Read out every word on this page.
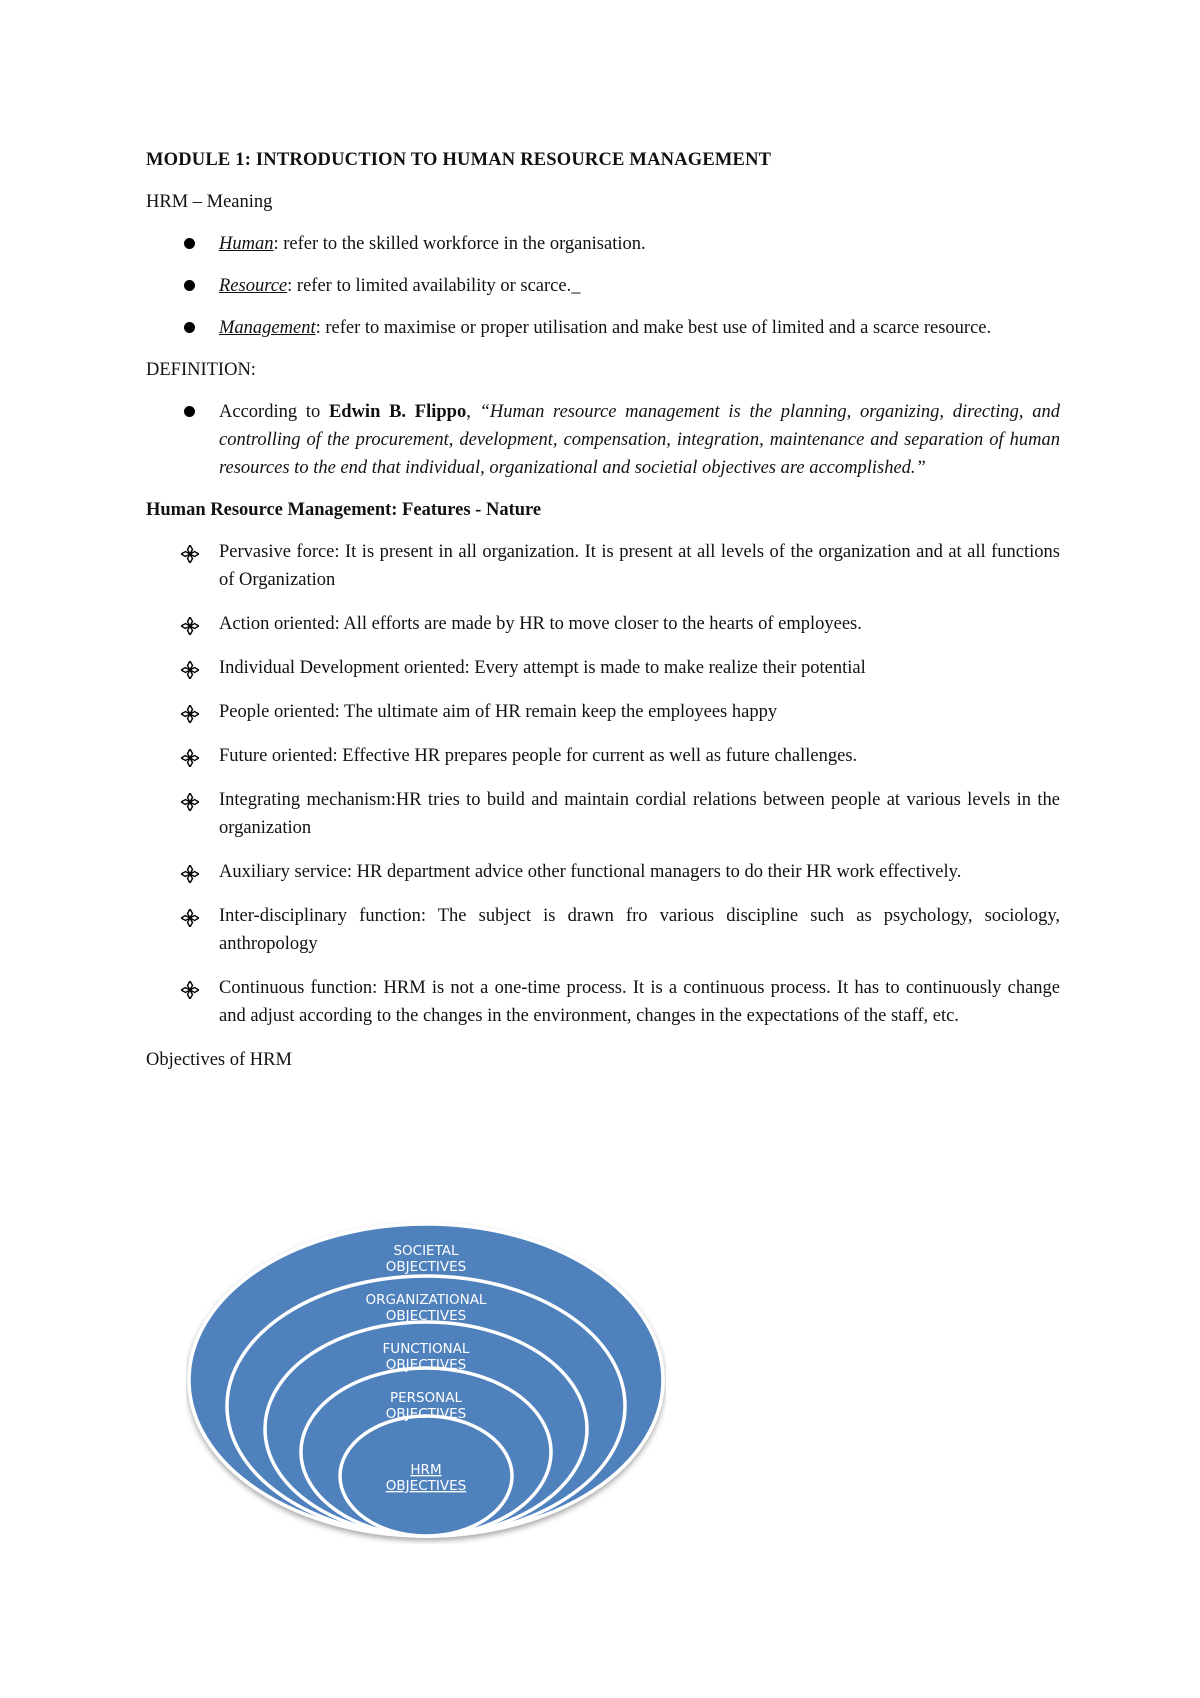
MODULE 1: INTRODUCTION TO HUMAN RESOURCE MANAGEMENT

HRM – Meaning

Human: refer to the skilled workforce in the organisation.
Resource: refer to limited availability or scarce._
Management: refer to maximise or proper utilisation and make best use of limited and a scarce resource.

DEFINITION:

According to Edwin B. Flippo, “Human resource management is the planning, organizing, directing, and controlling of the procurement, development, compensation, integration, maintenance and separation of human resources to the end that individual, organizational and societial objectives are accomplished.”

Human Resource Management: Features - Nature

Pervasive force: It is present in all organization. It is present at all levels of the organization and at all functions of Organization
Action oriented: All efforts are made by HR to move closer to the hearts of employees.
Individual Development oriented: Every attempt is made to make realize their potential
People oriented: The ultimate aim of HR remain keep the employees happy
Future oriented: Effective HR prepares people for current as well as future challenges.
Integrating mechanism:HR tries to build and maintain cordial relations between people at various levels in the organization
Auxiliary service: HR department advice other functional managers to do their HR work effectively.
Inter-disciplinary function: The subject is drawn fro various discipline such as psychology, sociology, anthropology
Continuous function: HRM is not a one-time process. It is a continuous process. It has to continuously change and adjust according to the changes in the environment, changes in the expectations of the staff, etc.

Objectives of HRM

SOCIETAL
OBJECTIVES
ORGANIZATIONAL
OBJECTIVES
FUNCTIONAL
OBJECTIVES
PERSONAL
OBJECTIVES
HRM
OBJECTIVES
